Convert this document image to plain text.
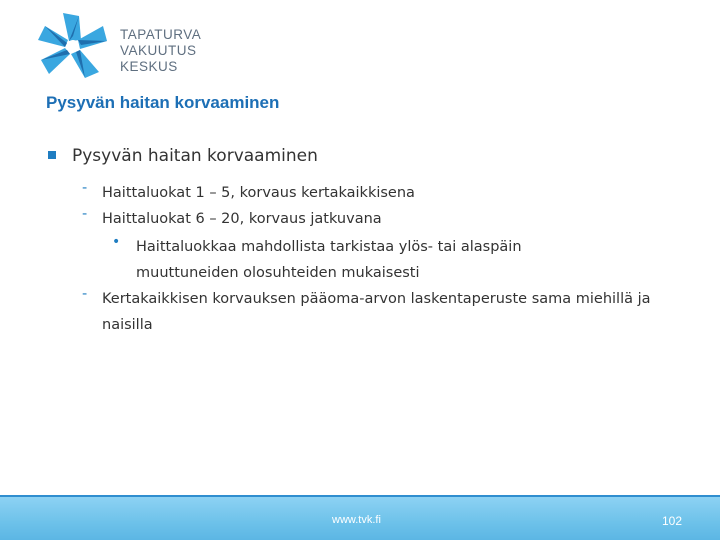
TAPATURVA
VAKUUTUS
KESKUS
Pysyvän haitan korvaaminen
Pysyvän haitan korvaaminen
- Haittaluokat 1 – 5, korvaus kertakaikkisena
- Haittaluokat 6 – 20, korvaus jatkuvana
• Haittaluokkaa mahdollista tarkistaa ylös- tai alaspäin muuttuneiden olosuhteiden mukaisesti
- Kertakaikkisen korvauksen pääoma-arvon laskentaperuste sama miehillä ja naisilla
www.tvk.fi	102
